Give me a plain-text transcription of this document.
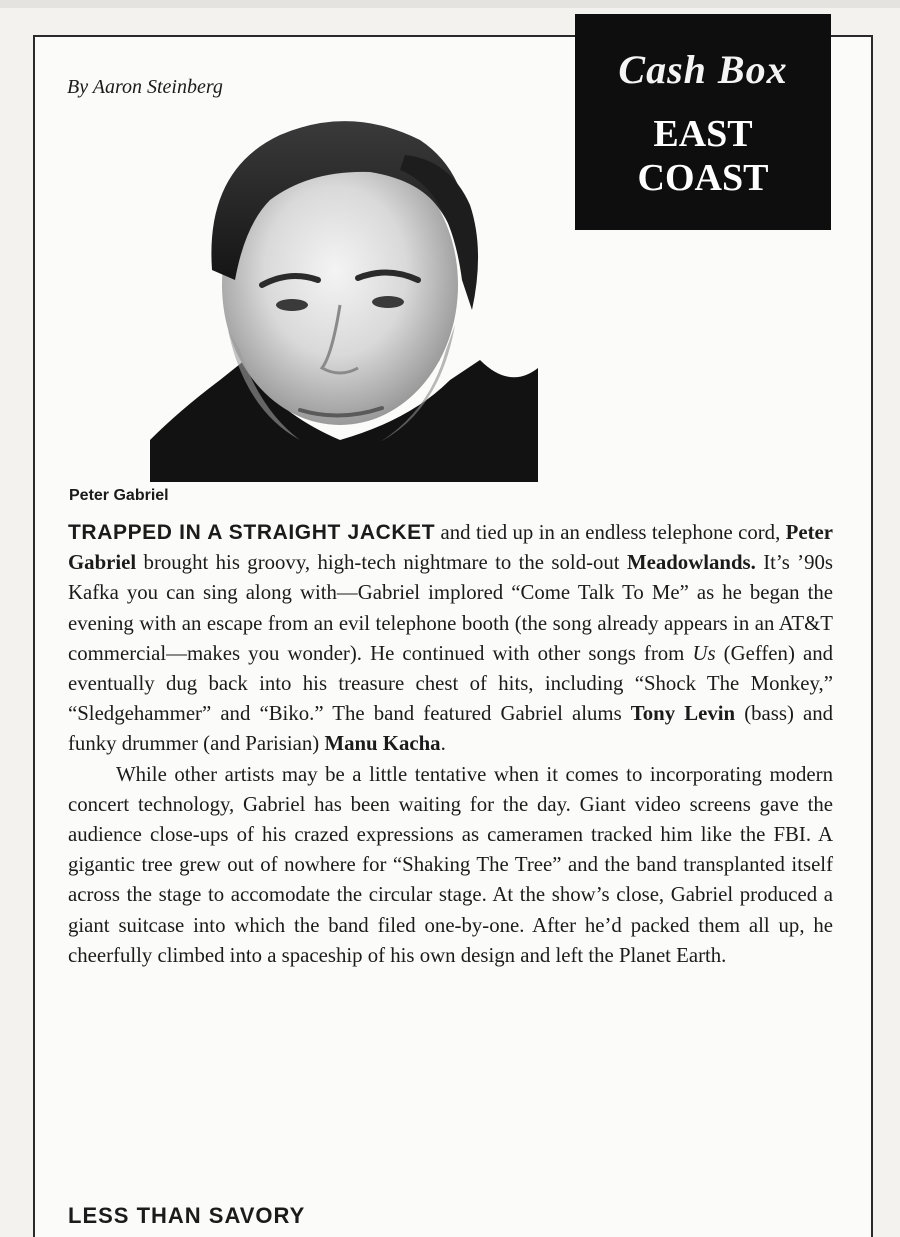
Cash Box
EAST
COAST
By Aaron Steinberg
Peter Gabriel

TRAPPED IN A STRAIGHT JACKET and tied up in an endless telephone cord, Peter Gabriel brought his groovy, high-tech nightmare to the sold-out Meadowlands. It’s ’90s Kafka you can sing along with—Gabriel implored “Come Talk To Me” as he began the evening with an escape from an evil telephone booth (the song already appears in an AT&T commercial—makes you wonder). He continued with other songs from Us (Geffen) and eventually dug back into his treasure chest of hits, including “Shock The Monkey,” “Sledgehammer” and “Biko.” The band featured Gabriel alums Tony Levin (bass) and funky drummer (and Parisian) Manu Kacha.

While other artists may be a little tentative when it comes to incorporating modern concert technology, Gabriel has been waiting for the day. Giant video screens gave the audience close-ups of his crazed expressions as cameramen tracked him like the FBI. A gigantic tree grew out of nowhere for “Shaking The Tree” and the band transplanted itself across the stage to accomodate the circular stage. At the show’s close, Gabriel produced a giant suitcase into which the band filed one-by-one. After he’d packed them all up, he cheerfully climbed into a spaceship of his own design and left the Planet Earth.

LESS THAN SAVORY
